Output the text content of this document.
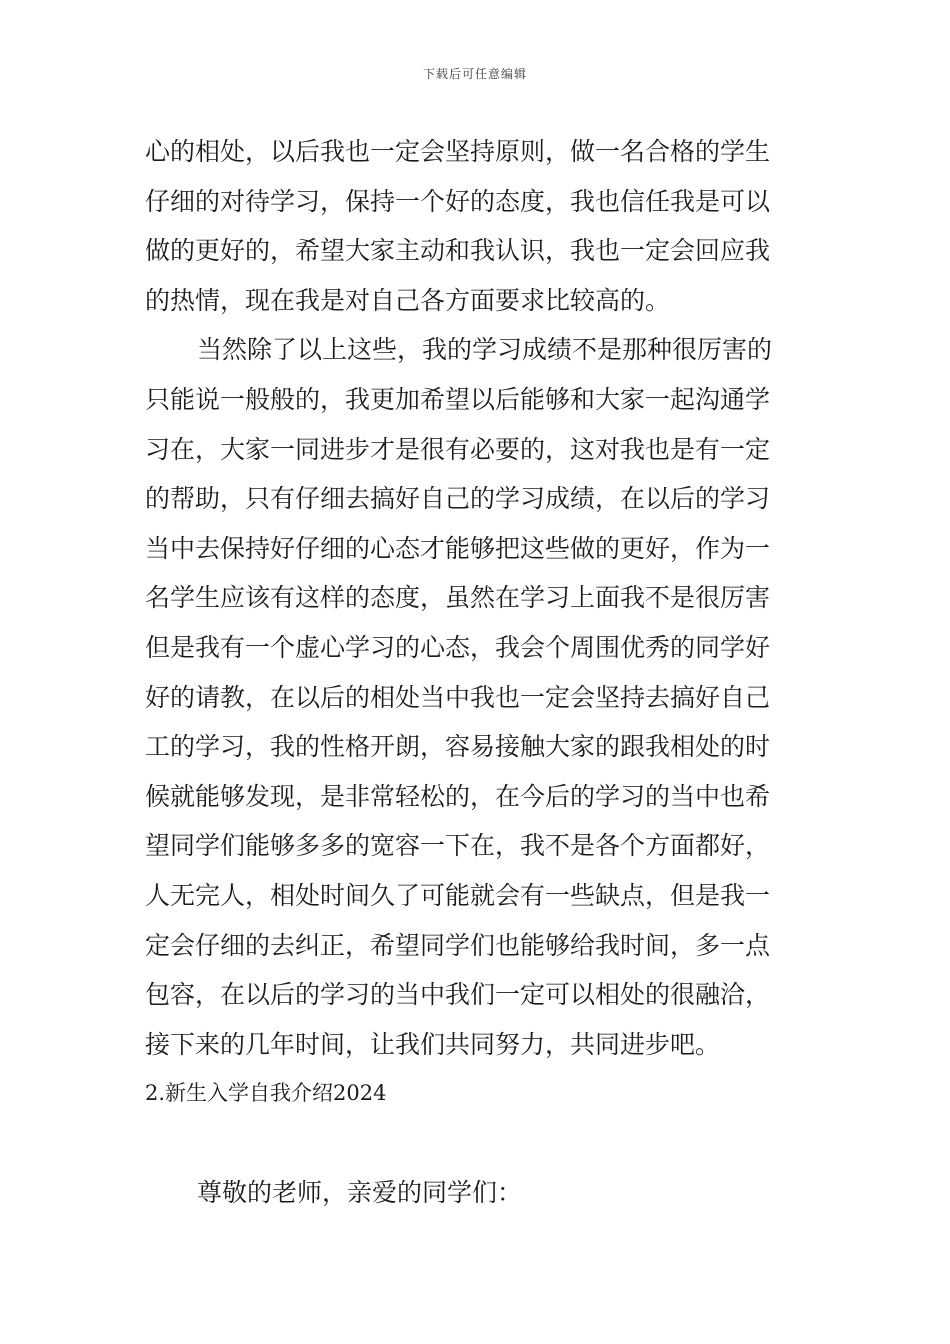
下载后可任意编辑
心的相处，以后我也一定会坚持原则，做一名合格的学生
仔细的对待学习，保持一个好的态度，我也信任我是可以
做的更好的，希望大家主动和我认识，我也一定会回应我
的热情，现在我是对自己各方面要求比较高的。
当然除了以上这些，我的学习成绩不是那种很厉害的
只能说一般般的，我更加希望以后能够和大家一起沟通学
习在，大家一同进步才是很有必要的，这对我也是有一定
的帮助，只有仔细去搞好自己的学习成绩，在以后的学习
当中去保持好仔细的心态才能够把这些做的更好，作为一
名学生应该有这样的态度，虽然在学习上面我不是很厉害
但是我有一个虚心学习的心态，我会个周围优秀的同学好
好的请教，在以后的相处当中我也一定会坚持去搞好自己
工的学习，我的性格开朗，容易接触大家的跟我相处的时
候就能够发现，是非常轻松的，在今后的学习的当中也希
望同学们能够多多的宽容一下在，我不是各个方面都好，
人无完人，相处时间久了可能就会有一些缺点，但是我一
定会仔细的去纠正，希望同学们也能够给我时间，多一点
包容，在以后的学习的当中我们一定可以相处的很融洽，
接下来的几年时间，让我们共同努力，共同进步吧。
2.新生入学自我介绍2024
尊敬的老师，亲爱的同学们：
